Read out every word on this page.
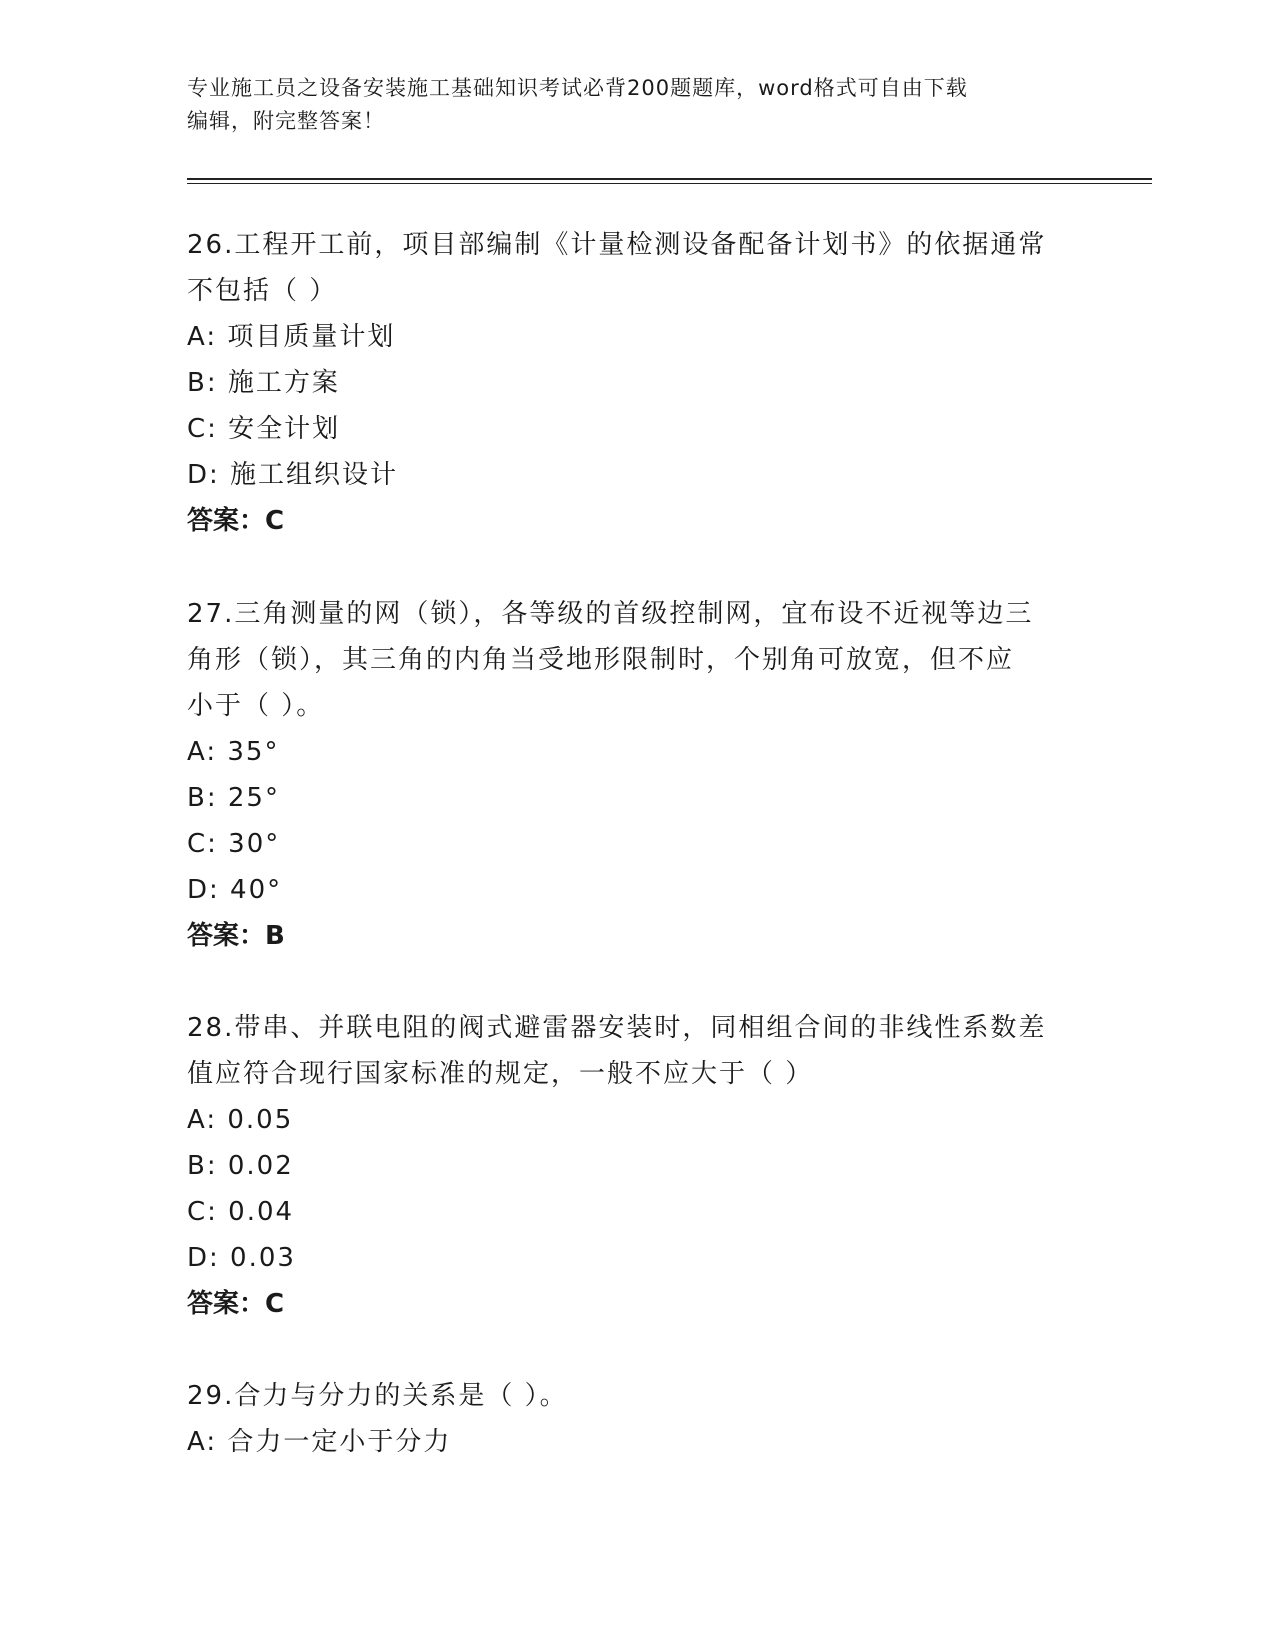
专业施工员之设备安装施工基础知识考试必背200题题库，word格式可自由下载
编辑，附完整答案！
26.工程开工前，项目部编制《计量检测设备配备计划书》的依据通常
不包括（ ）
A: 项目质量计划
B: 施工方案
C: 安全计划
D: 施工组织设计
答案：C
27.三角测量的网（锁），各等级的首级控制网，宜布设不近视等边三
角形（锁），其三角的内角当受地形限制时，个别角可放宽，但不应
小于（ ）。
A: 35°
B: 25°
C: 30°
D: 40°
答案：B
28.带串、并联电阻的阀式避雷器安装时，同相组合间的非线性系数差
值应符合现行国家标准的规定，一般不应大于（ ）
A: 0.05
B: 0.02
C: 0.04
D: 0.03
答案：C
29.合力与分力的关系是（ ）。
A: 合力一定小于分力
